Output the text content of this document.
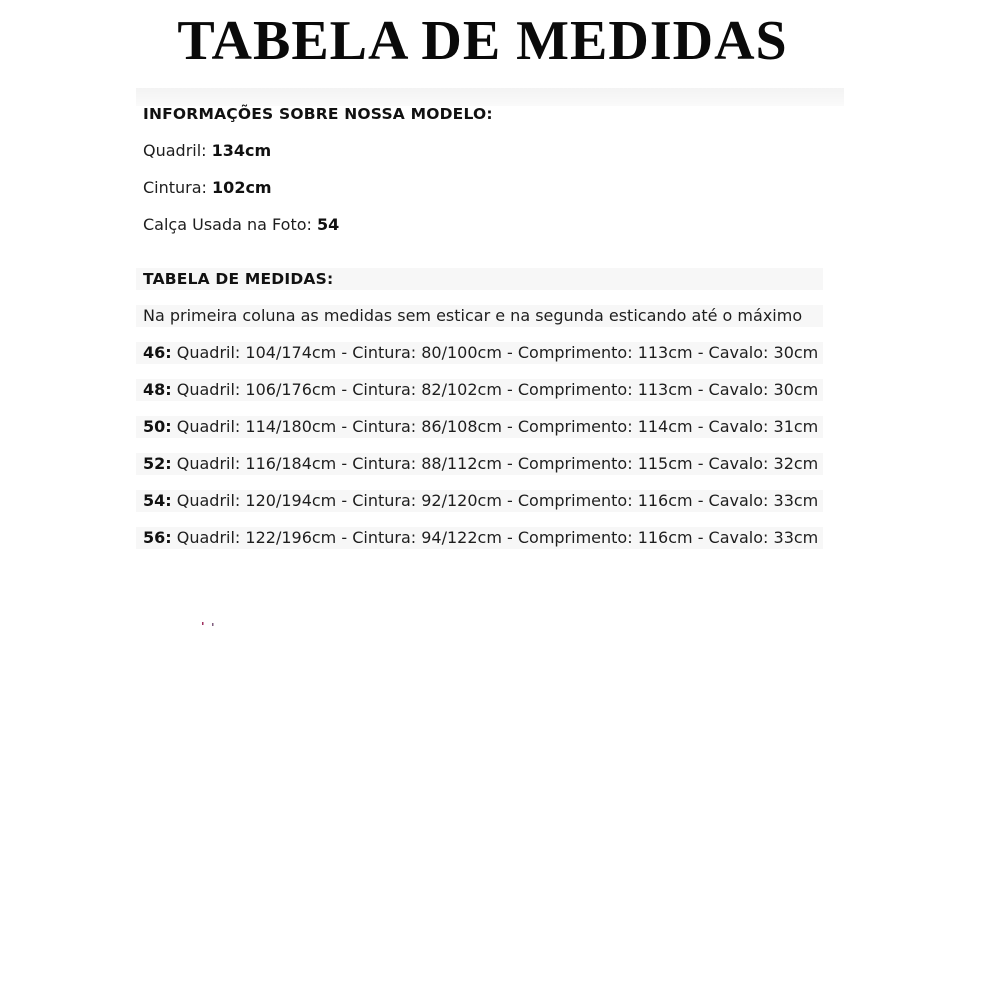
TABELA DE MEDIDAS
INFORMAÇÕES SOBRE NOSSA MODELO:
Quadril: 134cm
Cintura: 102cm
Calça Usada na Foto: 54
TABELA DE MEDIDAS:
Na primeira coluna as medidas sem esticar e na segunda esticando até o máximo
46: Quadril: 104/174cm - Cintura: 80/100cm - Comprimento: 113cm - Cavalo: 30cm
48: Quadril: 106/176cm - Cintura: 82/102cm - Comprimento: 113cm - Cavalo: 30cm
50: Quadril: 114/180cm - Cintura: 86/108cm - Comprimento: 114cm - Cavalo: 31cm
52: Quadril: 116/184cm - Cintura: 88/112cm - Comprimento: 115cm - Cavalo: 32cm
54: Quadril: 120/194cm - Cintura: 92/120cm - Comprimento: 116cm - Cavalo: 33cm
56: Quadril: 122/196cm - Cintura: 94/122cm - Comprimento: 116cm - Cavalo: 33cm
